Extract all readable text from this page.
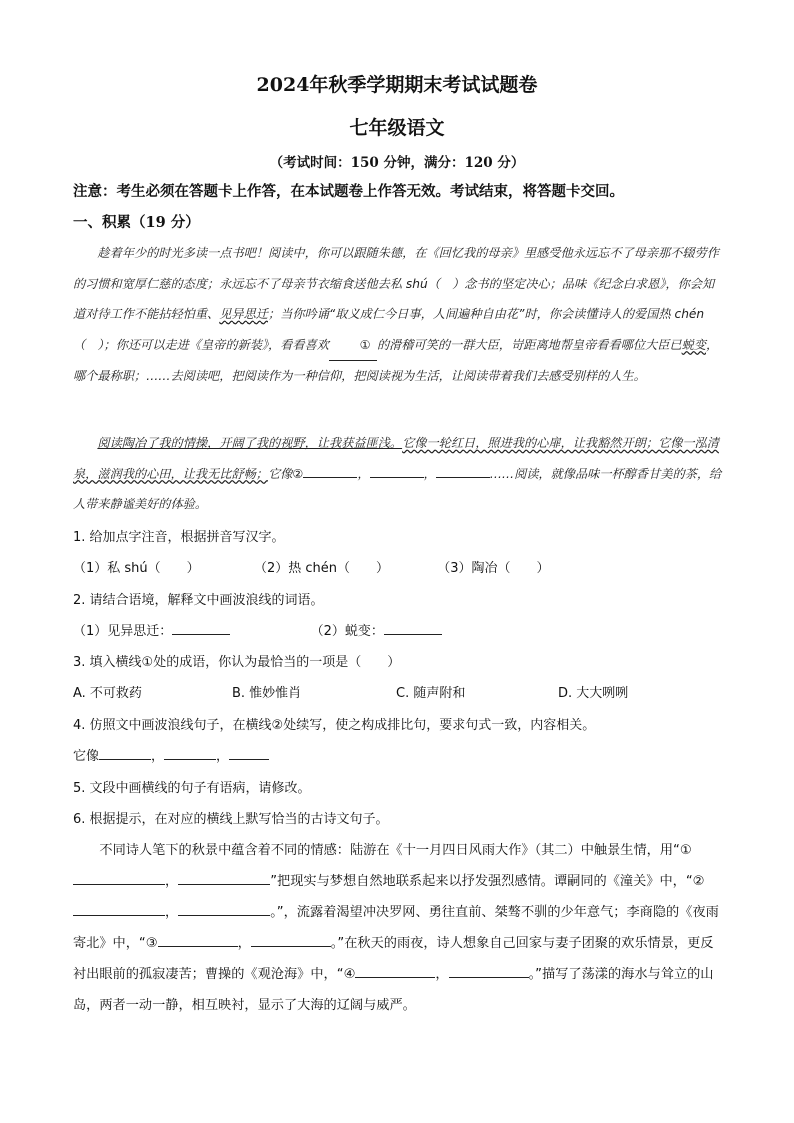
2024年秋季学期期末考试试题卷
七年级语文
（考试时间：150 分钟，满分：120 分）
注意：考生必须在答题卡上作答，在本试题卷上作答无效。考试结束，将答题卡交回。
一、积累（19 分）
趁着年少的时光多读一点书吧！阅读中，你可以跟随朱德，在《回忆我的母亲》里感受他永远忘不了母亲那不辍劳作的习惯和宽厚仁慈的态度；永远忘不了母亲节衣缩食送他去私 shú（　）念书的坚定决心；品味《纪念白求恩》，你会知道对待工作不能拈轻怕重、见异思迁；当你吟诵“取义成仁今日事，人间遍种自由花”时，你会读懂诗人的爱国热 chén（　）；你还可以走进《皇帝的新装》，看看喜欢	① 的滑稽可笑的一群大臣，岢距离地帮皇帝看看哪位大臣已蜕变，哪个最称职；……去阅读吧，把阅读作为一种信仰，把阅读视为生活，让阅读带着我们去感受别样的人生。
阅读陶冶了我的情操，开阔了我的视野，让我获益匪浅。它像一轮红日，照进我的心扉，让我豁然开朗；它像一泓清泉，滋润我的心田，让我无比舒畅；它像②	，	，	……阅读，就像品味一杯醇香甘美的茶，给人带来静谧美好的体验。
1. 给加点字注音，根据拼音写汉字。
（1）私 shú（　　）	（2）热 chén（　　）	（3）陶冶（　　）
2. 请结合语境，解释文中画波浪线的词语。
（1）见异思迁：	（2）蜕变：
3. 填入横线①处的成语，你认为最恰当的一项是（　　）
A. 不可救药	B. 惟妙惟肖	C. 随声附和	D. 大大咧咧
4. 仿照文中画波浪线句子，在横线②处续写，使之构成排比句，要求句式一致，内容相关。
它像	，	，
5. 文段中画横线的句子有语病，请修改。
6. 根据提示，在对应的横线上默写恰当的古诗文句子。
不同诗人笔下的秋景中蕴含着不同的情感：陆游在《十一月四日风雨大作》（其二）中触景生情，用“①，	”把现实与梦想自然地联系起来以抒发强烈感情。谭嗣同的《潼关》中，“②，	。”，流露着渴望冲决罗网、勇往直前、桀骜不驯的少年意气；李商隐的《夜雨寄北》中，“③	，	。”在秋天的雨夜，诗人想象自己回家与妻子团聚的欢乐情景，更反衬出眼前的孤寂凄苦；曹操的《观沧海》中，“④	，	。”描写了荡漾的海水与耸立的山岛，两者一动一静，相互映衬，显示了大海的辽阔与威严。
